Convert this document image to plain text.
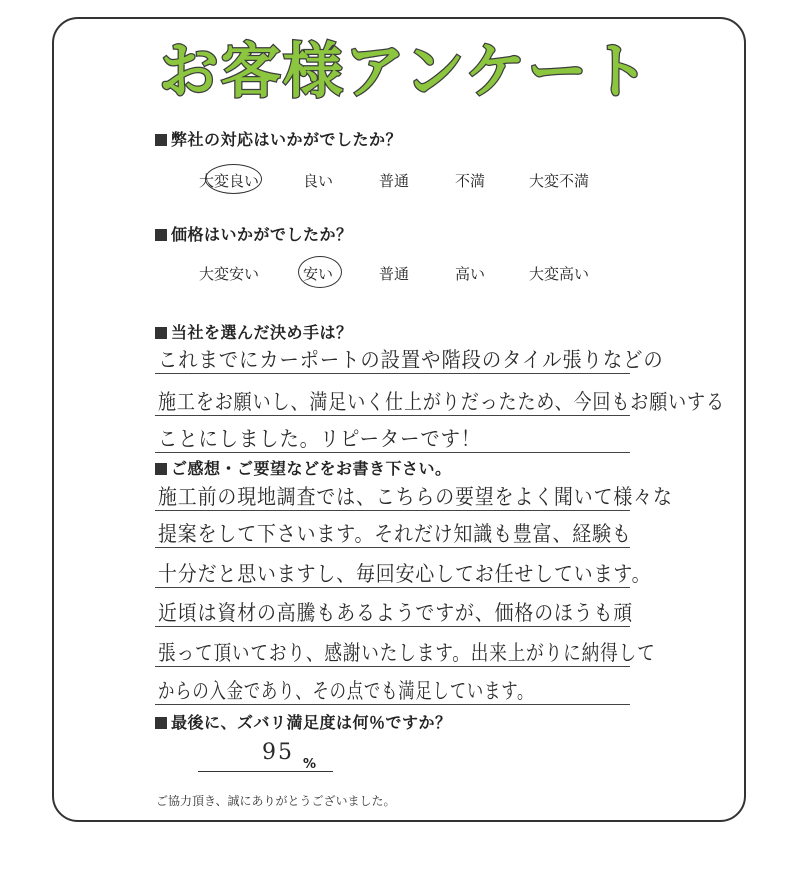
お客様アンケート
弊社の対応はいかがでしたか？
大変良い	良い	普通	不満	大変不満
価格はいかがでしたか？
大変安い	安い	普通	高い	大変高い
当社を選んだ決め手は？
これまでにカーポートの設置や階段のタイル張りなどの
施工をお願いし、満足いく仕上がりだったため、今回もお願いする
ことにしました。リピーターです！
ご感想・ご要望などをお書き下さい。
施工前の現地調査では、こちらの要望をよく聞いて様々な
提案をして下さいます。それだけ知識も豊富、経験も
十分だと思いますし、毎回安心してお任せしています。
近頃は資材の高騰もあるようですが、価格のほうも頑
張って頂いており、感謝いたします。出来上がりに納得して
からの入金であり、その点でも満足しています。
最後に、ズバリ満足度は何％ですか？
95 %
ご協力頂き、誠にありがとうございました。
